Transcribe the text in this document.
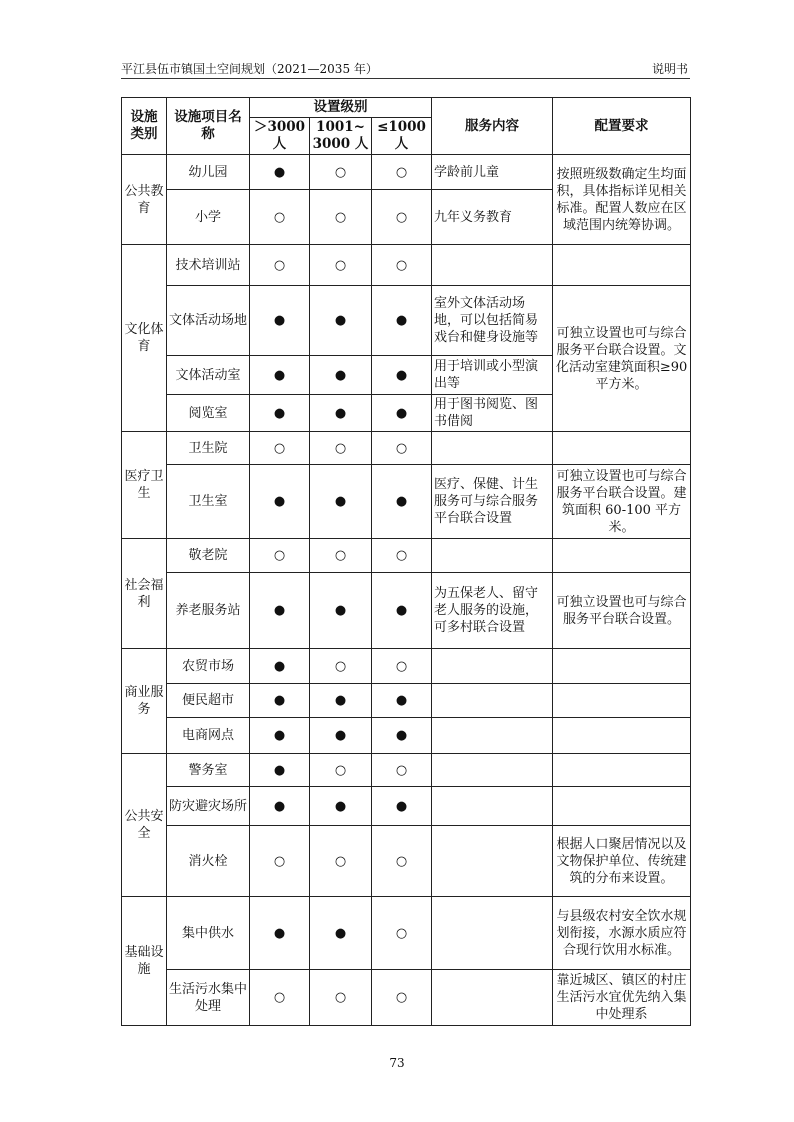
平江县伍市镇国土空间规划（2021—2035 年）	说明书
设施类别	设施项目名称	设置级别			服务内容	配置要求
		＞3000 人	1001~3000 人	≤1000 人		

公共教育	幼儿园	●	○	○	学龄前儿童	按照班级数确定生均面积，具体指标详见相关标准。配置人数应在区域范围内统筹协调。

	小学	○	○	○	九年义务教育	

文化体育	技术培训站	○	○	○		

	文体活动场地	●	●	●	室外文体活动场地，可以包括简易戏台和健身设施等	可独立设置也可与综合服务平台联合设置。文化活动室建筑面积≥90 平方米。

	文体活动室	●	●	●	用于培训或小型演出等	

	阅览室	●	●	●	用于图书阅览、图书借阅	

医疗卫生	卫生院	○	○	○		

	卫生室	●	●	●	医疗、保健、计生服务可与综合服务平台联合设置	可独立设置也可与综合服务平台联合设置。建筑面积 60-100 平方米。

社会福利	敬老院	○	○	○		

	养老服务站	●	●	●	为五保老人、留守老人服务的设施，可多村联合设置	可独立设置也可与综合服务平台联合设置。

商业服务	农贸市场	●	○	○		

	便民超市	●	●	●		

	电商网点	●	●	●		

公共安全	警务室	●	○	○		

	防灾避灾场所	●	●	●		

	消火栓	○	○	○		根据人口聚居情况以及文物保护单位、传统建筑的分布来设置。

基础设施	集中供水	●	●	○		与县级农村安全饮水规划衔接，水源水质应符合现行饮用水标准。

	生活污水集中处理	○	○	○		靠近城区、镇区的村庄生活污水宜优先纳入集中处理系
73
